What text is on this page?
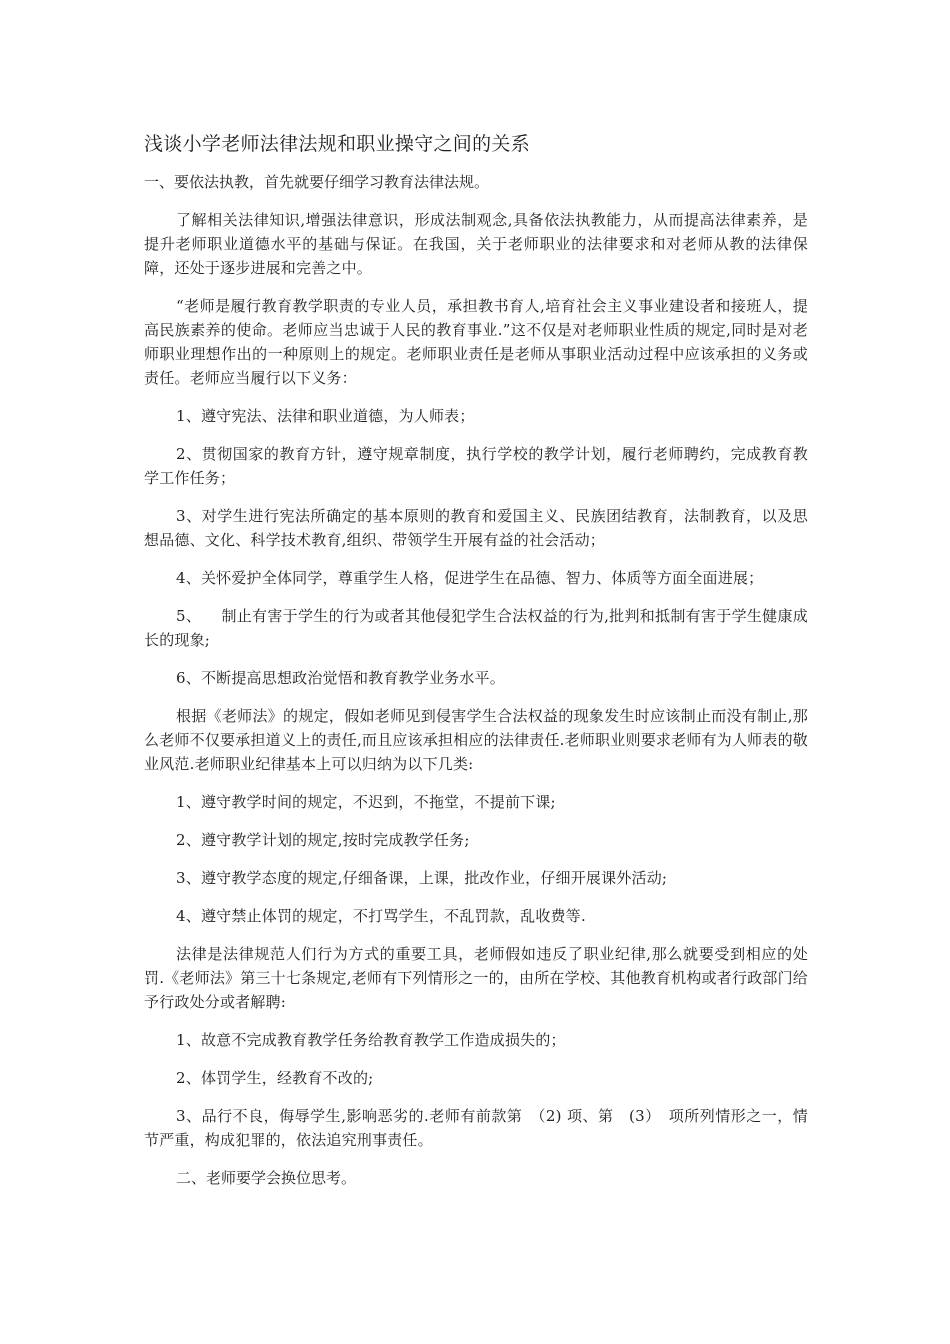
浅谈小学老师法律法规和职业操守之间的关系
一、要依法执教，首先就要仔细学习教育法律法规。

了解相关法律知识,增强法律意识，形成法制观念,具备依法执教能力，从而提高法律素养，是提升老师职业道德水平的基础与保证。在我国，关于老师职业的法律要求和对老师从教的法律保障，还处于逐步进展和完善之中。

“老师是履行教育教学职责的专业人员，承担教书育人,培育社会主义事业建设者和接班人，提高民族素养的使命。老师应当忠诚于人民的教育事业.”这不仅是对老师职业性质的规定,同时是对老师职业理想作出的一种原则上的规定。老师职业责任是老师从事职业活动过程中应该承担的义务或责任。老师应当履行以下义务：

1、遵守宪法、法律和职业道德，为人师表；

2、贯彻国家的教育方针，遵守规章制度，执行学校的教学计划，履行老师聘约，完成教育教学工作任务；

3、对学生进行宪法所确定的基本原则的教育和爱国主义、民族团结教育，法制教育，以及思想品德、文化、科学技术教育,组织、带领学生开展有益的社会活动；

4、关怀爱护全体同学，尊重学生人格，促进学生在品德、智力、体质等方面全面进展；

5、    制止有害于学生的行为或者其他侵犯学生合法权益的行为,批判和抵制有害于学生健康成长的现象;

6、不断提高思想政治觉悟和教育教学业务水平。

根据《老师法》的规定，假如老师见到侵害学生合法权益的现象发生时应该制止而没有制止,那么老师不仅要承担道义上的责任,而且应该承担相应的法律责任.老师职业则要求老师有为人师表的敬业风范.老师职业纪律基本上可以归纳为以下几类:

1、遵守教学时间的规定，不迟到，不拖堂，不提前下课;

2、遵守教学计划的规定,按时完成教学任务;

3、遵守教学态度的规定,仔细备课，上课，批改作业，仔细开展课外活动;

4、遵守禁止体罚的规定，不打骂学生，不乱罚款，乱收费等.

法律是法律规范人们行为方式的重要工具，老师假如违反了职业纪律,那么就要受到相应的处罚.《老师法》第三十七条规定,老师有下列情形之一的，由所在学校、其他教育机构或者行政部门给予行政处分或者解聘:

1、故意不完成教育教学任务给教育教学工作造成损失的；

2、体罚学生，经教育不改的;

3、品行不良，侮辱学生,影响恶劣的.老师有前款第　（2) 项、第　(3）　项所列情形之一，情节严重，构成犯罪的，依法追究刑事责任。

二、老师要学会换位思考。
